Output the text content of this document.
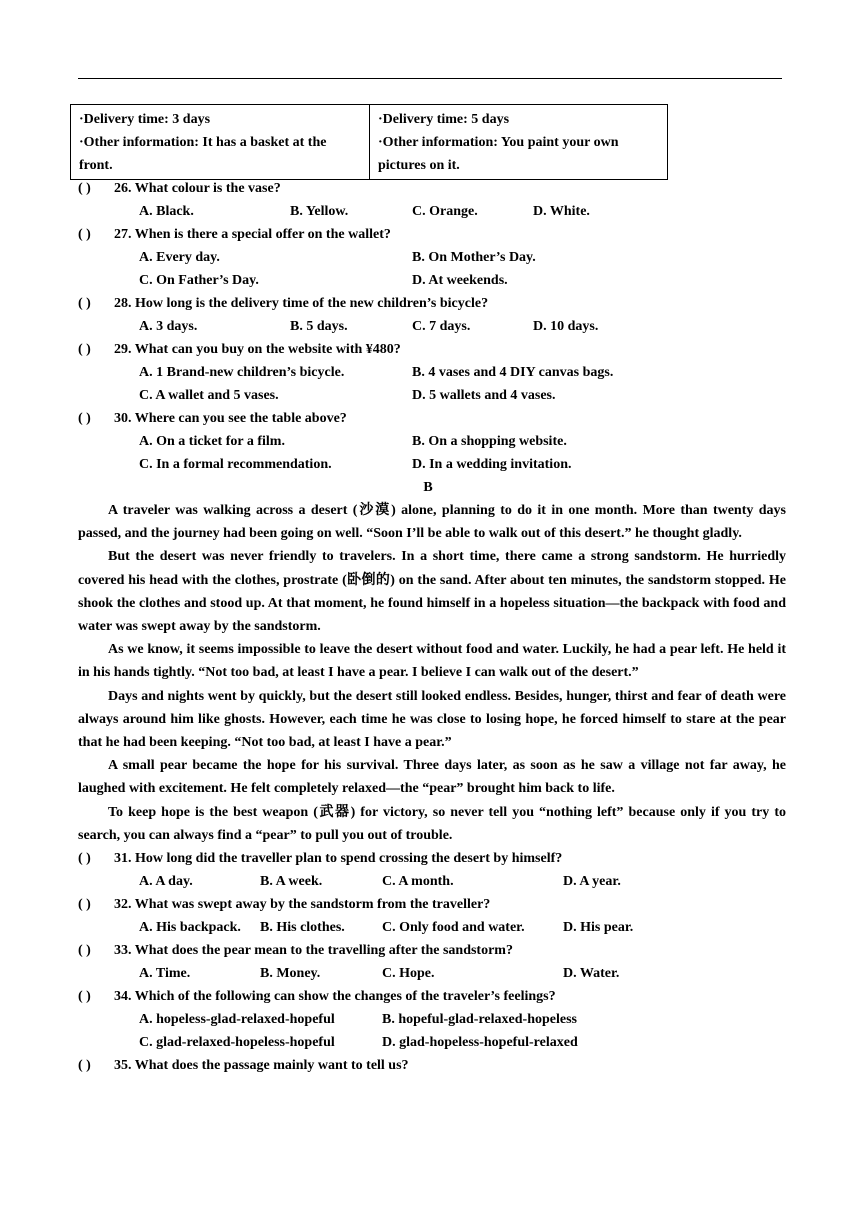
·Delivery time: 3 days
·Other information: It has a basket at the front.

·Delivery time: 5 days
·Other information: You paint your own pictures on it.
( ) 26. What colour is the vase?
A. Black.	B. Yellow.	C. Orange.	D. White.
( ) 27. When is there a special offer on the wallet?
A. Every day.	B. On Mother’s Day.
C. On Father’s Day.	D. At weekends.
( ) 28. How long is the delivery time of the new children’s bicycle?
A. 3 days.	B. 5 days.	C. 7 days.	D. 10 days.
( ) 29. What can you buy on the website with ¥480?
A. 1 Brand-new children’s bicycle.	B. 4 vases and 4 DIY canvas bags.
C. A wallet and 5 vases.	D. 5 wallets and 4 vases.
( ) 30. Where can you see the table above?
A. On a ticket for a film.	B. On a shopping website.
C. In a formal recommendation.	D. In a wedding invitation.
B

A traveler was walking across a desert (沙漠) alone, planning to do it in one month. More than twenty days passed, and the journey had been going on well. “Soon I’ll be able to walk out of this desert.” he thought gladly.

But the desert was never friendly to travelers. In a short time, there came a strong sandstorm. He hurriedly covered his head with the clothes, prostrate (卧倒的) on the sand. After about ten minutes, the sandstorm stopped. He shook the clothes and stood up. At that moment, he found himself in a hopeless situation—the backpack with food and water was swept away by the sandstorm.

As we know, it seems impossible to leave the desert without food and water. Luckily, he had a pear left. He held it in his hands tightly. “Not too bad, at least I have a pear. I believe I can walk out of the desert.”

Days and nights went by quickly, but the desert still looked endless. Besides, hunger, thirst and fear of death were always around him like ghosts. However, each time he was close to losing hope, he forced himself to stare at the pear that he had been keeping. “Not too bad, at least I have a pear.”

A small pear became the hope for his survival. Three days later, as soon as he saw a village not far away, he laughed with excitement. He felt completely relaxed—the “pear” brought him back to life.

To keep hope is the best weapon (武器) for victory, so never tell you “nothing left” because only if you try to search, you can always find a “pear” to pull you out of trouble.

( ) 31. How long did the traveller plan to spend crossing the desert by himself?
A. A day.	B. A week.	C. A month.	D. A year.
( ) 32. What was swept away by the sandstorm from the traveller?
A. His backpack. B. His clothes.	C. Only food and water.	D. His pear.
( ) 33. What does the pear mean to the travelling after the sandstorm?
A. Time.	B. Money.	C. Hope.	D. Water.
( ) 34. Which of the following can show the changes of the traveler’s feelings?
A. hopeless-glad-relaxed-hopeful	B. hopeful-glad-relaxed-hopeless
C. glad-relaxed-hopeless-hopeful	D. glad-hopeless-hopeful-relaxed
( ) 35. What does the passage mainly want to tell us?
